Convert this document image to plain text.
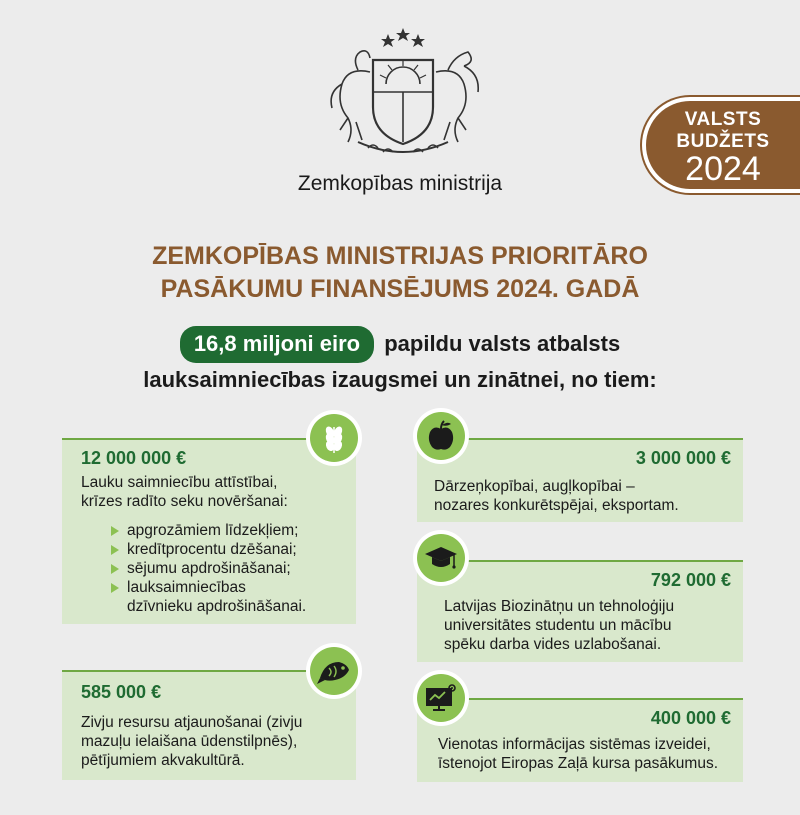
Zemkopības ministrija
VALSTS
BUDŽETS
2024
ZEMKOPĪBAS MINISTRIJAS PRIORITĀRO
PASĀKUMU FINANSĒJUMS 2024. GADĀ
16,8 miljoni eiro papildu valsts atbalsts
lauksaimniecības izaugsmei un zinātnei, no tiem:
12 000 000 €
Lauku saimniecību attīstībai,
krīzes radīto seku novēršanai:
apgrozāmiem līdzekļiem;
kredītprocentu dzēšanai;
sējumu apdrošināšanai;
lauksaimniecības
dzīvnieku apdrošināšanai.
585 000 €
Zivju resursu atjaunošanai (zivju
mazuļu ielaišana ūdenstilpnēs),
pētījumiem akvakultūrā.
3 000 000 €
Dārzeņkopībai, augļkopībai –
nozares konkurētspējai, eksportam.
792 000 €
Latvijas Biozinātņu un tehnoloģiju
universitātes studentu un mācību
spēku darba vides uzlabošanai.
400 000 €
Vienotas informācijas sistēmas izveidei,
īstenojot Eiropas Zaļā kursa pasākumus.
